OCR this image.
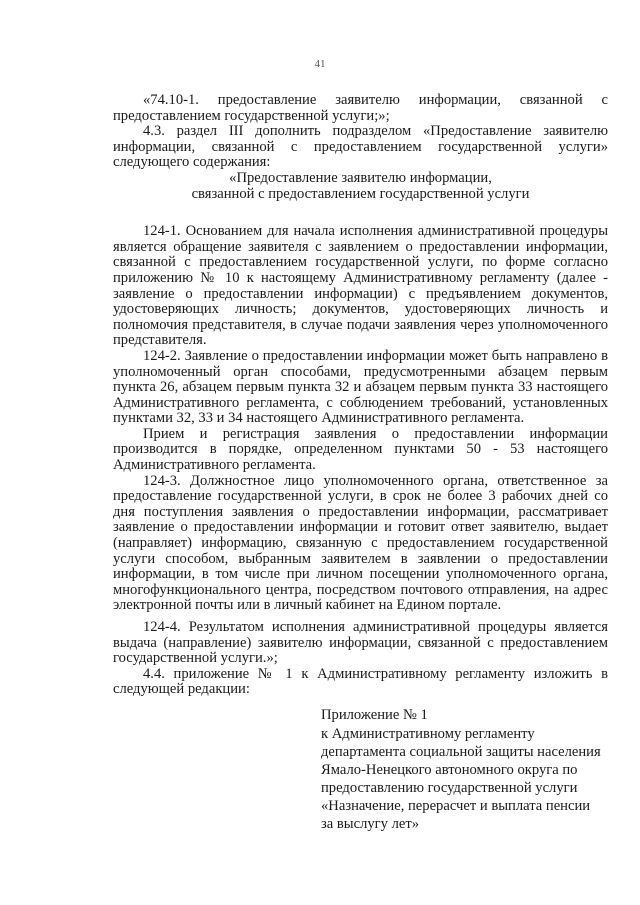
41

«74.10-1. предоставление заявителю информации, связанной с предоставлением государственной услуги;»;

4.3. раздел III дополнить подразделом «Предоставление заявителю информации, связанной с предоставлением государственной услуги» следующего содержания:

«Предоставление заявителю информации,

связанной с предоставлением государственной услуги

124-1. Основанием для начала исполнения административной процедуры является обращение заявителя с заявлением о предоставлении информации, связанной с предоставлением государственной услуги, по форме согласно приложению № 10 к настоящему Административному регламенту (далее - заявление о предоставлении информации) с предъявлением документов, удостоверяющих личность; документов, удостоверяющих личность и полномочия представителя, в случае подачи заявления через уполномоченного представителя.

124-2. Заявление о предоставлении информации может быть направлено в уполномоченный орган способами, предусмотренными абзацем первым пункта 26, абзацем первым пункта 32 и абзацем первым пункта 33 настоящего Административного регламента, с соблюдением требований, установленных пунктами 32, 33 и 34 настоящего Административного регламента.

Прием и регистрация заявления о предоставлении информации производится в порядке, определенном пунктами 50 - 53 настоящего Административного регламента.

124-3. Должностное лицо уполномоченного органа, ответственное за предоставление государственной услуги, в срок не более 3 рабочих дней со дня поступления заявления о предоставлении информации, рассматривает заявление о предоставлении информации и готовит ответ заявителю, выдает (направляет) информацию, связанную с предоставлением государственной услуги способом, выбранным заявителем в заявлении о предоставлении информации, в том числе при личном посещении уполномоченного органа, многофункционального центра, посредством почтового отправления, на адрес электронной почты или в личный кабинет на Едином портале.

124-4. Результатом исполнения административной процедуры является выдача (направление) заявителю информации, связанной с предоставлением государственной услуги.»;

4.4. приложение № 1 к Административному регламенту изложить в следующей редакции:

Приложение № 1
к Административному регламенту
департамента социальной защиты населения
Ямало-Ненецкого автономного округа по
предоставлению государственной услуги
«Назначение, перерасчет и выплата пенсии
за выслугу лет»
